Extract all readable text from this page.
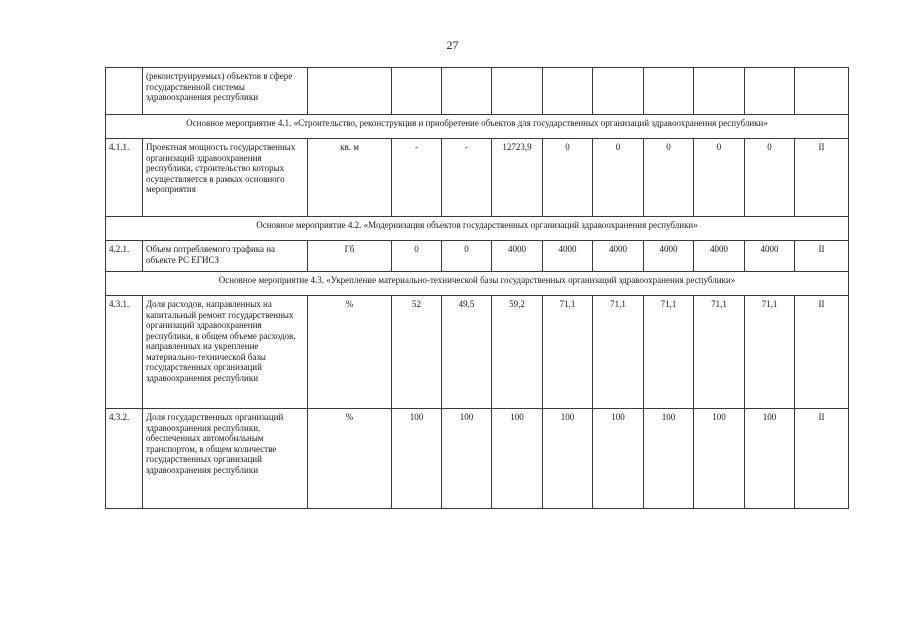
27
	(реконструируемых) объектов в сфере государственной системы здравоохранения республики										
Основное мероприятие 4.1. «Строительство, реконструкция и приобретение объектов для государственных организаций здравоохранения республики»											
4.1.1.	Проектная мощность государственных организаций здравоохранения республики, строительство которых осуществляется в рамках основного мероприятия	кв. м	-	-	12723,9	0	0	0	0	0	II
Основное мероприятие 4.2. «Модернизация объектов государственных организаций здравоохранения республики»											
4.2.1.	Объем потребляемого трафика на объекте РС ЕГИСЗ	Гб	0	0	4000	4000	4000	4000	4000	4000	II
Основное мероприятие 4.3. «Укрепление материально-технической базы государственных организаций здравоохранения республики»											
4.3.1.	Доля расходов, направленных на капитальный ремонт государственных организаций здравоохранения республики, в общем объеме расходов, направленных на укрепление материально-технической базы государственных организаций здравоохранения республики	%	52	49,5	59,2	71,1	71,1	71,1	71,1	71,1	II
4.3.2.	Доля государственных организаций здравоохранения республики, обеспеченных автомобильным транспортом, в общем количестве государственных организаций здравоохранения республики	%	100	100	100	100	100	100	100	100	II
